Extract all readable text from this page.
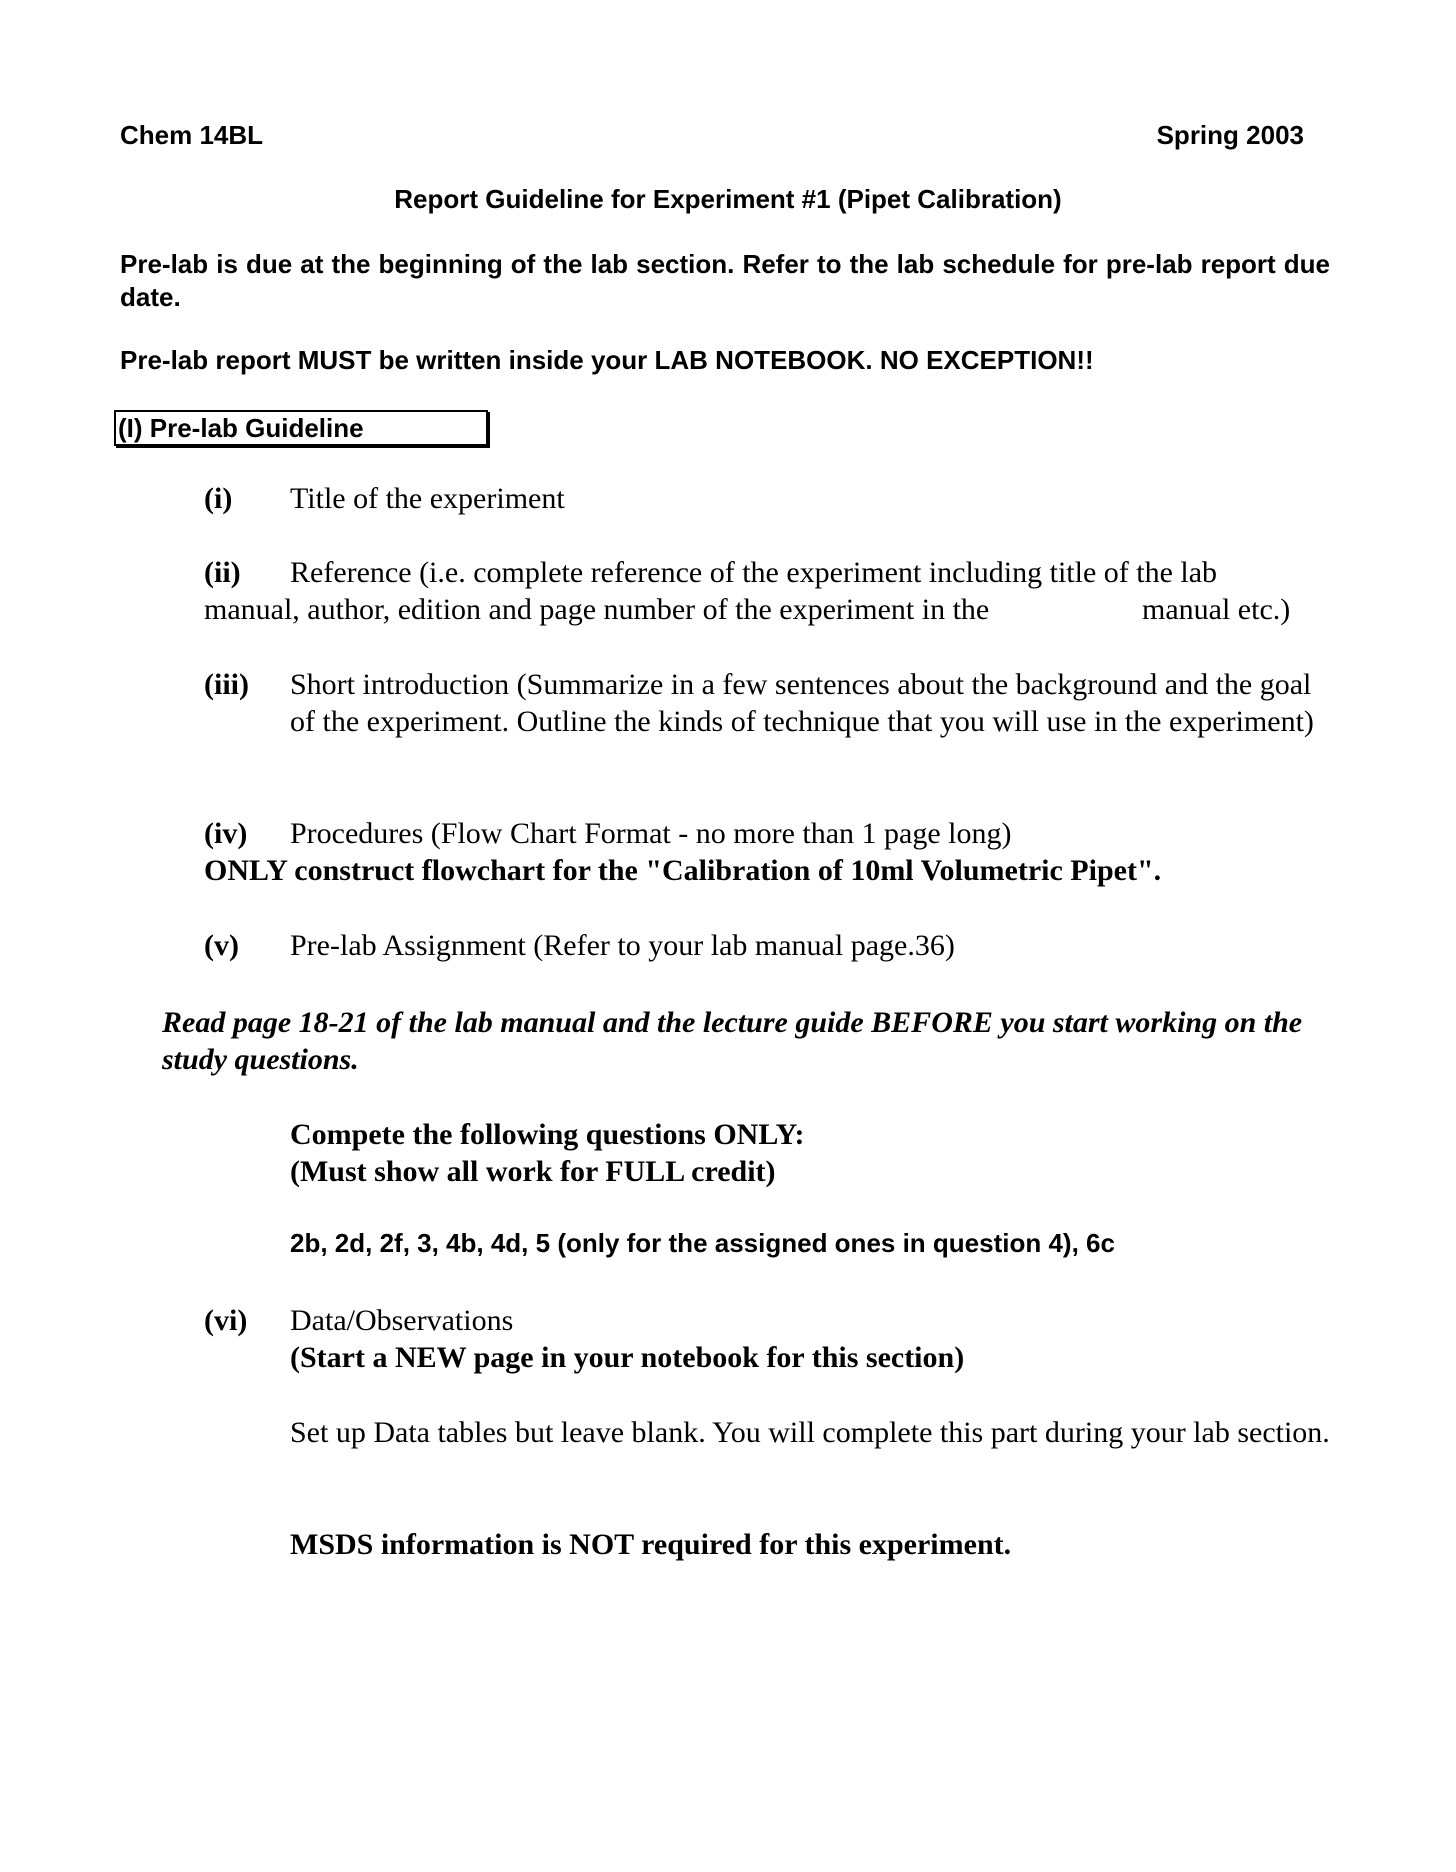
Chem 14BL	Spring 2003
Report Guideline for Experiment #1 (Pipet Calibration)
Pre-lab is due at the beginning of the lab section. Refer to the lab schedule for pre-lab report due date.
Pre-lab report MUST be written inside your LAB NOTEBOOK. NO EXCEPTION!!
(I) Pre-lab Guideline
(i) Title of the experiment
(ii) Reference (i.e. complete reference of the experiment including title of the lab
manual, author, edition and page number of the experiment in the	manual etc.)
(iii) Short introduction (Summarize in a few sentences about the background and the goal of the experiment. Outline the kinds of technique that you will use in the experiment)
(iv) Procedures (Flow Chart Format - no more than 1 page long)
ONLY construct flowchart for the "Calibration of 10ml Volumetric Pipet".
(v) Pre-lab Assignment (Refer to your lab manual page.36)
Read page 18-21 of the lab manual and the lecture guide BEFORE you start working on the study questions.
Compete the following questions ONLY:
(Must show all work for FULL credit)
2b, 2d, 2f, 3, 4b, 4d, 5 (only for the assigned ones in question 4), 6c
(vi) Data/Observations
(Start a NEW page in your notebook for this section)
Set up Data tables but leave blank. You will complete this part during your lab section.
MSDS information is NOT required for this experiment.
